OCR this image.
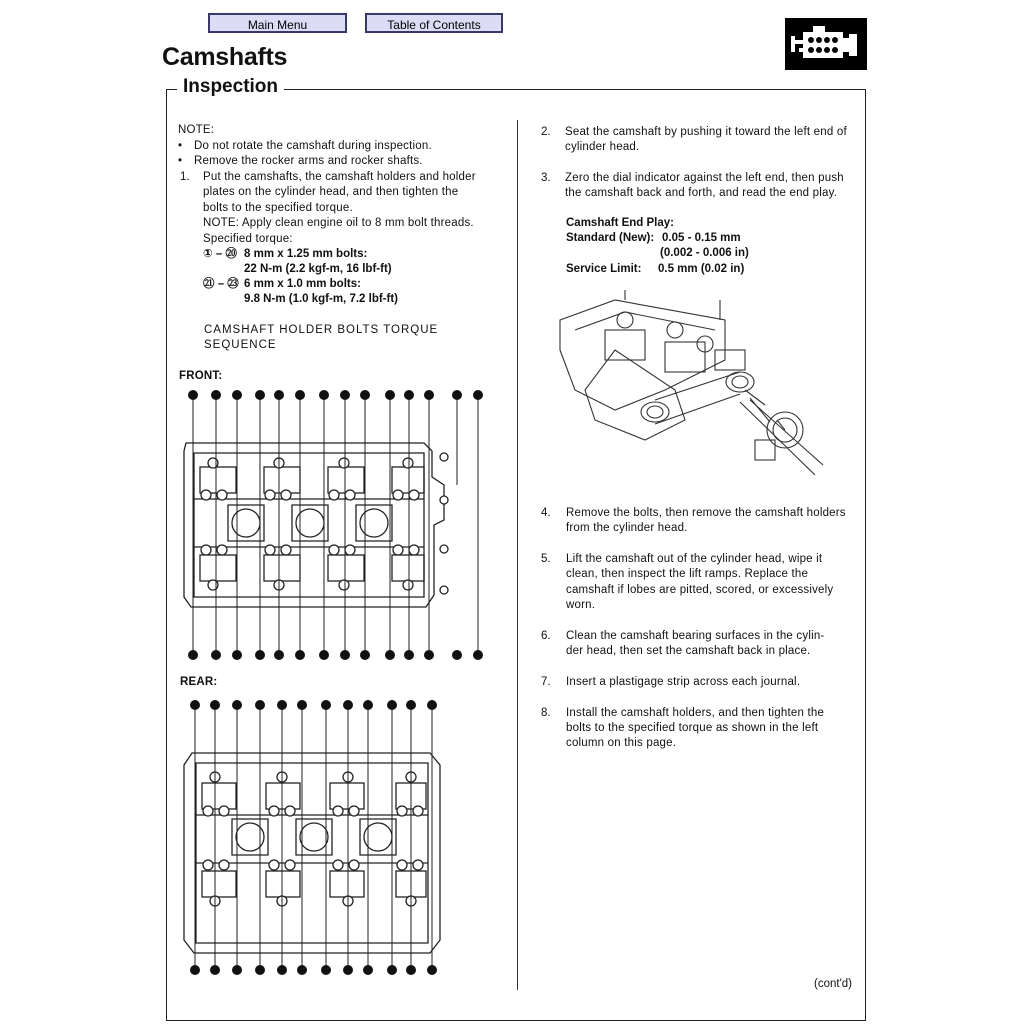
Main Menu	Table of Contents
Camshafts
Inspection
NOTE:
• Do not rotate the camshaft during inspection.
• Remove the rocker arms and rocker shafts.
1. Put the camshafts, the camshaft holders and holder
plates on the cylinder head, and then tighten the
bolts to the specified torque.
NOTE: Apply clean engine oil to 8 mm bolt threads.
Specified torque:
① – ⑳ 8 mm x 1.25 mm bolts:
22 N-m (2.2 kgf-m, 16 lbf-ft)
㉑ – ㉓ 6 mm x 1.0 mm bolts:
9.8 N-m (1.0 kgf-m, 7.2 lbf-ft)
CAMSHAFT HOLDER BOLTS TORQUE
SEQUENCE
FRONT:
REAR:
2. Seat the camshaft by pushing it toward the left end of
cylinder head.
3. Zero the dial indicator against the left end, then push
the camshaft back and forth, and read the end play.
Camshaft End Play:
Standard (New): 0.05 - 0.15 mm
(0.002 - 0.006 in)
Service Limit: 0.5 mm (0.02 in)
4. Remove the bolts, then remove the camshaft holders
from the cylinder head.
5. Lift the camshaft out of the cylinder head, wipe it
clean, then inspect the lift ramps. Replace the
camshaft if lobes are pitted, scored, or excessively
worn.
6. Clean the camshaft bearing surfaces in the cylin-
der head, then set the camshaft back in place.
7. Insert a plastigage strip across each journal.
8. Install the camshaft holders, and then tighten the
bolts to the specified torque as shown in the left
column on this page.
(cont'd)
